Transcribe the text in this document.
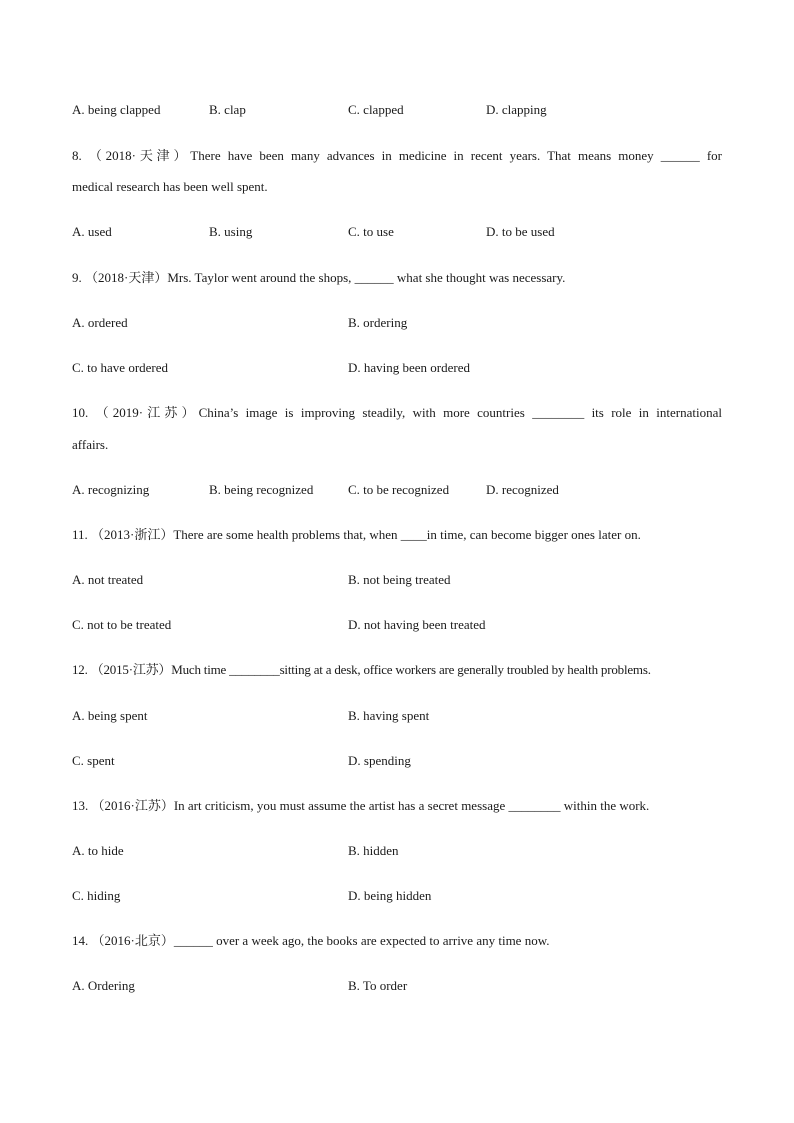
A. being clapped	B. clap	C. clapped	D. clapping
8. （2018·天津）There have been many advances in medicine in recent years. That means money ______ for
medical research has been well spent.
A. used	B. using	C. to use	D. to be used
9. （2018·天津）Mrs. Taylor went around the shops, ______ what she thought was necessary.
A. ordered	B. ordering
C. to have ordered	D. having been ordered
10. （2019·江苏）China’s image is improving steadily, with more countries ________ its role in international
affairs.
A. recognizing	B. being recognized	C. to be recognized	D. recognized
11. （2013·浙江）There are some health problems that, when ____in time, can become bigger ones later on.
A. not treated	B. not being treated
C. not to be treated	D. not having been treated
12. （2015·江苏）Much time ________sitting at a desk, office workers are generally troubled by health problems.
A. being spent	B. having spent
C. spent	D. spending
13. （2016·江苏）In art criticism, you must assume the artist has a secret message ________ within the work.
A. to hide	B. hidden
C. hiding	D. being hidden
14. （2016·北京）______ over a week ago, the books are expected to arrive any time now.
A. Ordering	B. To order
